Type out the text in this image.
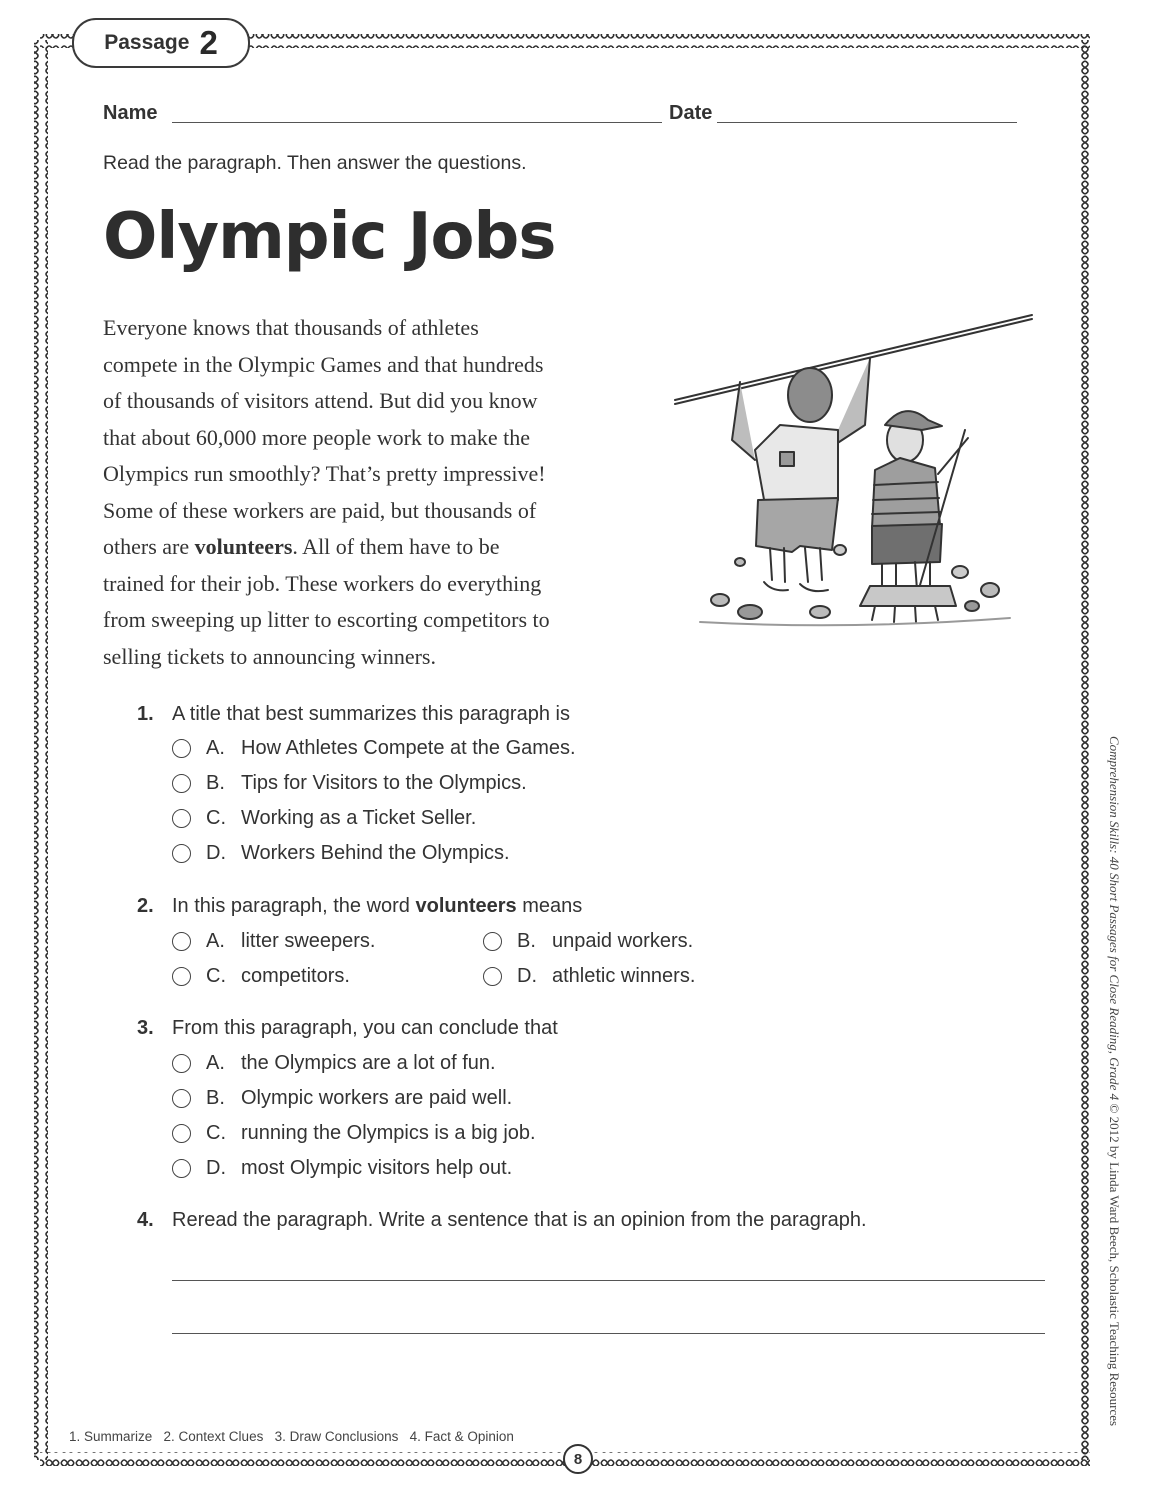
Passage 2
Name	Date
Read the paragraph. Then answer the questions.
Olympic Jobs
Everyone knows that thousands of athletes
compete in the Olympic Games and that hundreds
of thousands of visitors attend. But did you know
that about 60,000 more people work to make the
Olympics run smoothly? That’s pretty impressive!
Some of these workers are paid, but thousands of
others are volunteers. All of them have to be
trained for their job. These workers do everything
from sweeping up litter to escorting competitors to
selling tickets to announcing winners.
1. A title that best summarizes this paragraph is
A. How Athletes Compete at the Games.
B. Tips for Visitors to the Olympics.
C. Working as a Ticket Seller.
D. Workers Behind the Olympics.
2. In this paragraph, the word volunteers means
A. litter sweepers.	B. unpaid workers.
C. competitors.	D. athletic winners.
3. From this paragraph, you can conclude that
A. the Olympics are a lot of fun.
B. Olympic workers are paid well.
C. running the Olympics is a big job.
D. most Olympic visitors help out.
4. Reread the paragraph. Write a sentence that is an opinion from the paragraph.
1. Summarize   2. Context Clues   3. Draw Conclusions   4. Fact & Opinion
8
Comprehension Skills: 40 Short Passages for Close Reading, Grade 4 © 2012 by Linda Ward Beech, Scholastic Teaching Resources
